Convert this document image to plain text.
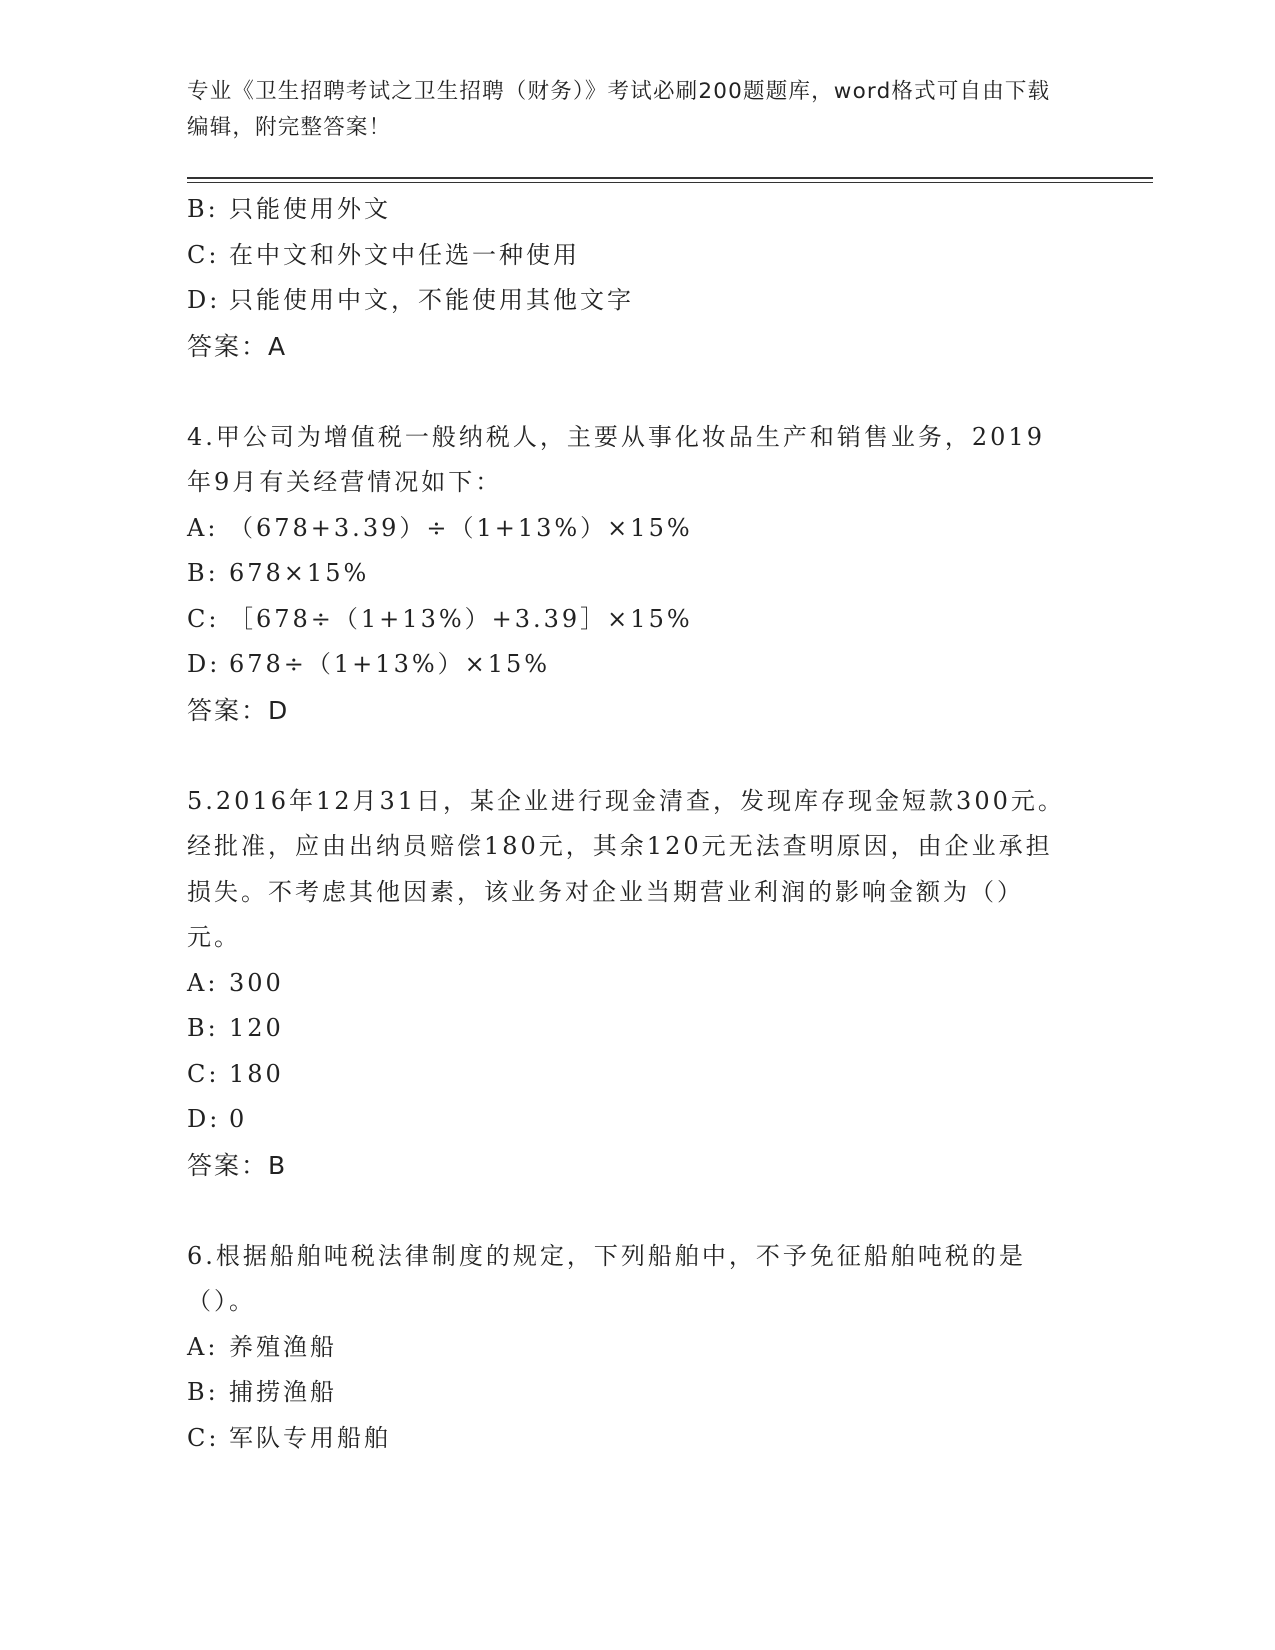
专业《卫生招聘考试之卫生招聘（财务）》考试必刷200题题库，word格式可自由下载编辑，附完整答案！
B: 只能使用外文
C: 在中文和外文中任选一种使用
D: 只能使用中文，不能使用其他文字
答案：A
4.甲公司为增值税一般纳税人，主要从事化妆品生产和销售业务，2019年9月有关经营情况如下：
A: （678+3.39）÷（1+13%）×15%
B: 678×15%
C: ［678÷（1+13%）+3.39］×15%
D: 678÷（1+13%）×15%
答案：D
5.2016年12月31日，某企业进行现金清查，发现库存现金短款300元。经批准，应由出纳员赔偿180元，其余120元无法查明原因，由企业承担损失。不考虑其他因素，该业务对企业当期营业利润的影响金额为（）元。
A: 300
B: 120
C: 180
D: 0
答案：B
6.根据船舶吨税法律制度的规定，下列船舶中，不予免征船舶吨税的是（）。
A: 养殖渔船
B: 捕捞渔船
C: 军队专用船舶
